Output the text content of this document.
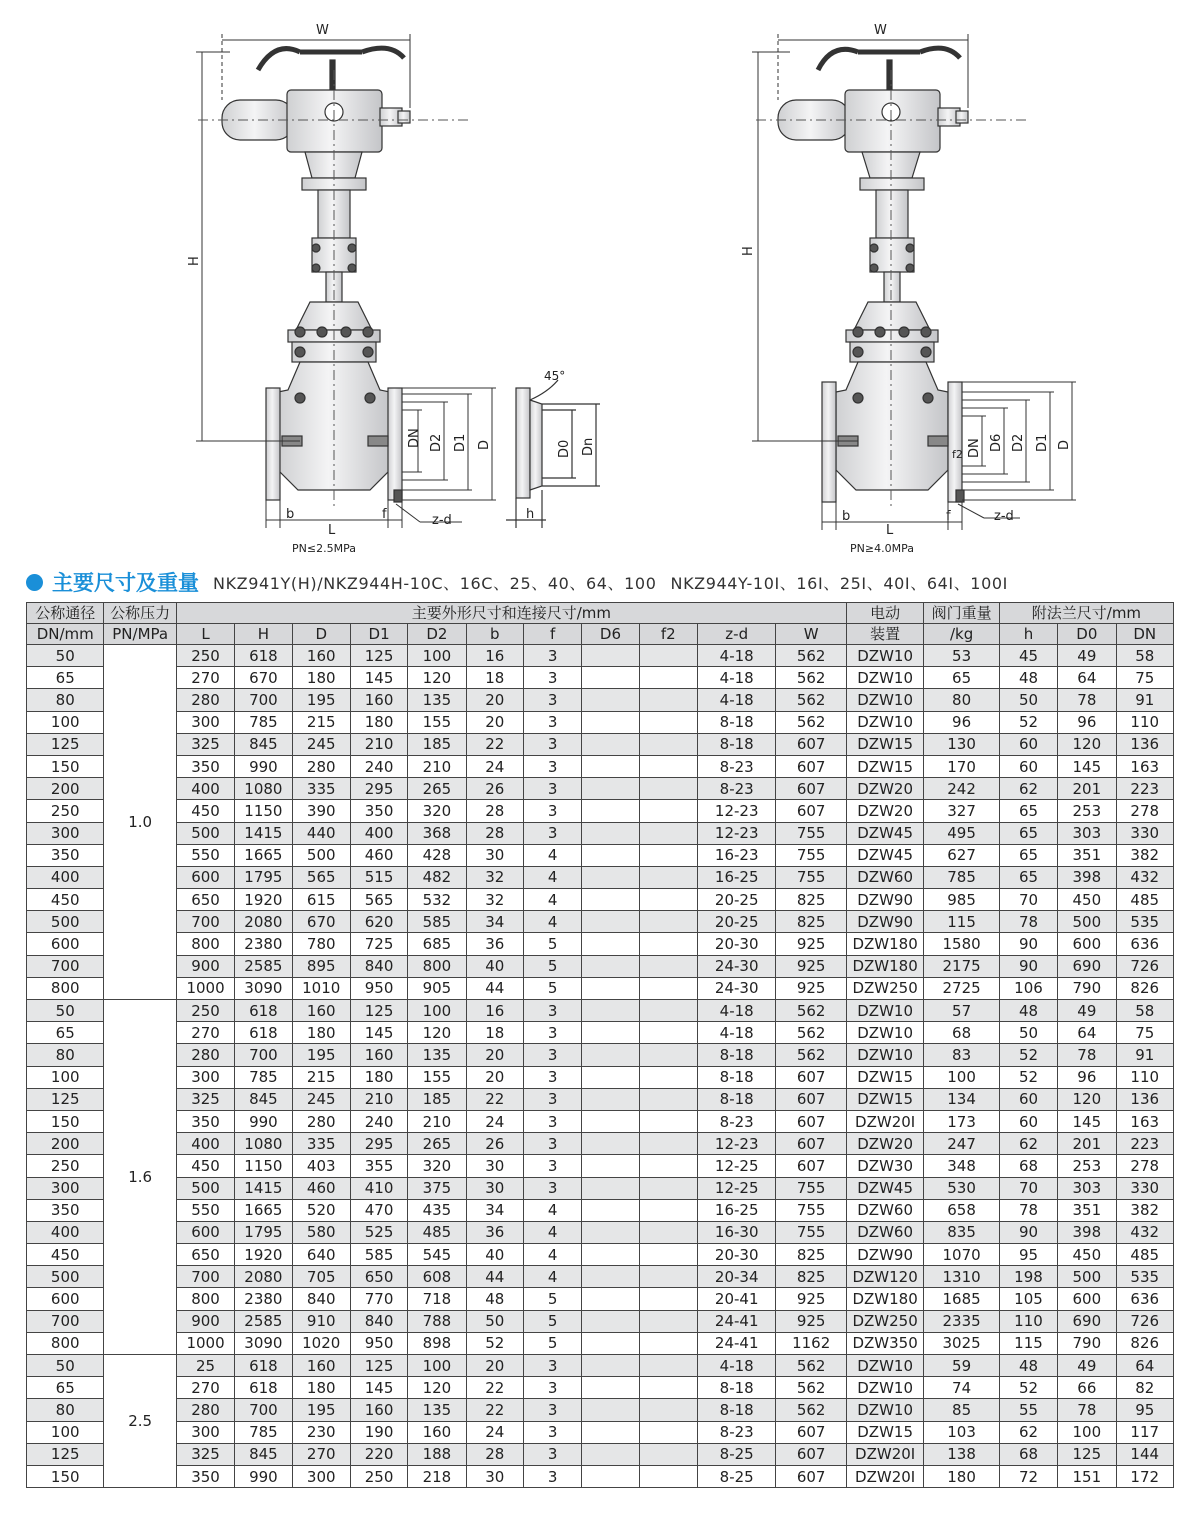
W
H
L
b	f	z-d
DN D2 D1 D
PN≤2.5MPa
45°
h
D0 Dn
W
H
L
b	f
f2
z-d
DN D6 D2 D1 D
PN≥4.0MPa
主要尺寸及重量 NKZ941Y(H)/NKZ944H-10C、16C、25、40、64、100 NKZ944Y-10I、16I、25I、40I、64I、100I
公称通径	公称压力	主要外形尺寸和连接尺寸/mm											电动	阀门重量	附法兰尺寸/mm		
DN/mm	PN/MPa	L	H	D	D1	D2	b	f	D6	f2	z-d	W	装置	/kg	h	D0	DN
50	1.0	250	618	160	125	100	16	3			4-18	562	DZW10	53	45	49	58
65		270	670	180	145	120	18	3			4-18	562	DZW10	65	48	64	75
80		280	700	195	160	135	20	3			4-18	562	DZW10	80	50	78	91
100		300	785	215	180	155	20	3			8-18	562	DZW10	96	52	96	110
125		325	845	245	210	185	22	3			8-18	607	DZW15	130	60	120	136
150		350	990	280	240	210	24	3			8-23	607	DZW15	170	60	145	163
200		400	1080	335	295	265	26	3			8-23	607	DZW20	242	62	201	223
250		450	1150	390	350	320	28	3			12-23	607	DZW20	327	65	253	278
300		500	1415	440	400	368	28	3			12-23	755	DZW45	495	65	303	330
350		550	1665	500	460	428	30	4			16-23	755	DZW45	627	65	351	382
400		600	1795	565	515	482	32	4			16-25	755	DZW60	785	65	398	432
450		650	1920	615	565	532	32	4			20-25	825	DZW90	985	70	450	485
500		700	2080	670	620	585	34	4			20-25	825	DZW90	115	78	500	535
600		800	2380	780	725	685	36	5			20-30	925	DZW180	1580	90	600	636
700		900	2585	895	840	800	40	5			24-30	925	DZW180	2175	90	690	726
800		1000	3090	1010	950	905	44	5			24-30	925	DZW250	2725	106	790	826
50	1.6	250	618	160	125	100	16	3			4-18	562	DZW10	57	48	49	58
65		270	618	180	145	120	18	3			4-18	562	DZW10	68	50	64	75
80		280	700	195	160	135	20	3			8-18	562	DZW10	83	52	78	91
100		300	785	215	180	155	20	3			8-18	607	DZW15	100	52	96	110
125		325	845	245	210	185	22	3			8-18	607	DZW15	134	60	120	136
150		350	990	280	240	210	24	3			8-23	607	DZW20I	173	60	145	163
200		400	1080	335	295	265	26	3			12-23	607	DZW20	247	62	201	223
250		450	1150	403	355	320	30	3			12-25	607	DZW30	348	68	253	278
300		500	1415	460	410	375	30	3			12-25	755	DZW45	530	70	303	330
350		550	1665	520	470	435	34	4			16-25	755	DZW60	658	78	351	382
400		600	1795	580	525	485	36	4			16-30	755	DZW60	835	90	398	432
450		650	1920	640	585	545	40	4			20-30	825	DZW90	1070	95	450	485
500		700	2080	705	650	608	44	4			20-34	825	DZW120	1310	198	500	535
600		800	2380	840	770	718	48	5			20-41	925	DZW180	1685	105	600	636
700		900	2585	910	840	788	50	5			24-41	925	DZW250	2335	110	690	726
800		1000	3090	1020	950	898	52	5			24-41	1162	DZW350	3025	115	790	826
50	2.5	25	618	160	125	100	20	3			4-18	562	DZW10	59	48	49	64
65		270	618	180	145	120	22	3			8-18	562	DZW10	74	52	66	82
80		280	700	195	160	135	22	3			8-18	562	DZW10	85	55	78	95
100		300	785	230	190	160	24	3			8-23	607	DZW15	103	62	100	117
125		325	845	270	220	188	28	3			8-25	607	DZW20I	138	68	125	144
150		350	990	300	250	218	30	3			8-25	607	DZW20I	180	72	151	172
